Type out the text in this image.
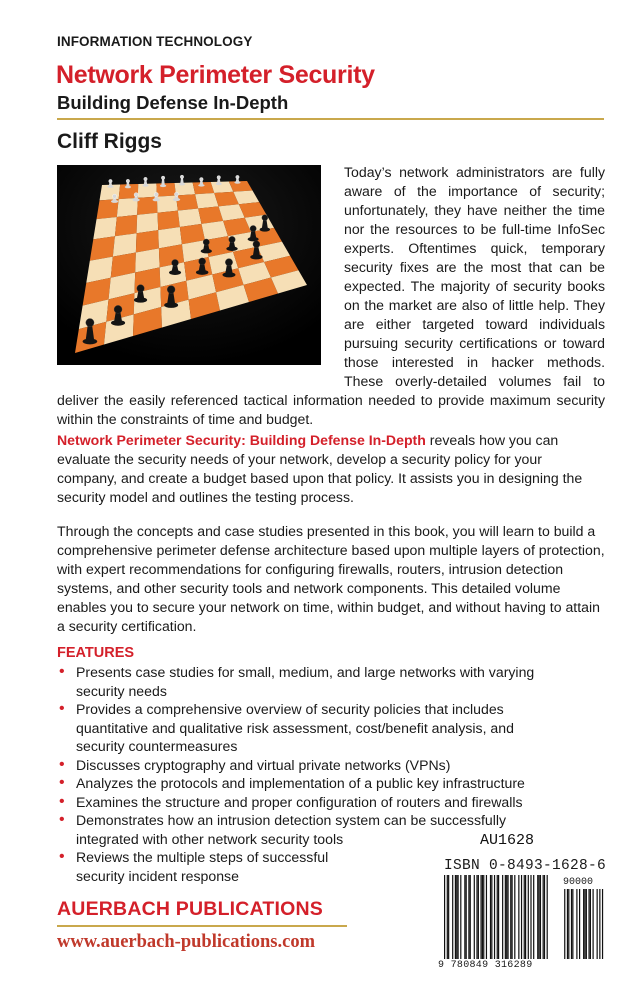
INFORMATION TECHNOLOGY
Network Perimeter Security
Building Defense In-Depth
Cliff Riggs

Today’s network administrators are fully aware of the importance of security; unfortunately, they have neither the time nor the resources to be full-time InfoSec experts. Oftentimes quick, temporary security fixes are the most that can be expected. The majority of security books on the market are also of little help. They are either targeted toward individuals pursuing security certifications or toward those interested in hacker methods. These overly-detailed volumes fail to deliver the easily referenced tactical information needed to provide maximum security within the constraints of time and budget.

Network Perimeter Security: Building Defense In-Depth reveals how you can evaluate the security needs of your network, develop a security policy for your company, and create a budget based upon that policy. It assists you in designing the security model and outlines the testing process.

Through the concepts and case studies presented in this book, you will learn to build a comprehensive perimeter defense architecture based upon multiple layers of protection, with expert recommendations for configuring firewalls, routers, intrusion detection systems, and other security tools and network components. This detailed volume enables you to secure your network on time, within budget, and without having to attain a security certification.

FEATURES
• Presents case studies for small, medium, and large networks with varying security needs
• Provides a comprehensive overview of security policies that includes quantitative and qualitative risk assessment, cost/benefit analysis, and security countermeasures
• Discusses cryptography and virtual private networks (VPNs)
• Analyzes the protocols and implementation of a public key infrastructure
• Examines the structure and proper configuration of routers and firewalls
• Demonstrates how an intrusion detection system can be successfully integrated with other network security tools
• Reviews the multiple steps of successful security incident response
AUERBACH PUBLICATIONS
www.auerbach-publications.com
AU1628
ISBN 0-8493-1628-6
90000
9 780849 316289
